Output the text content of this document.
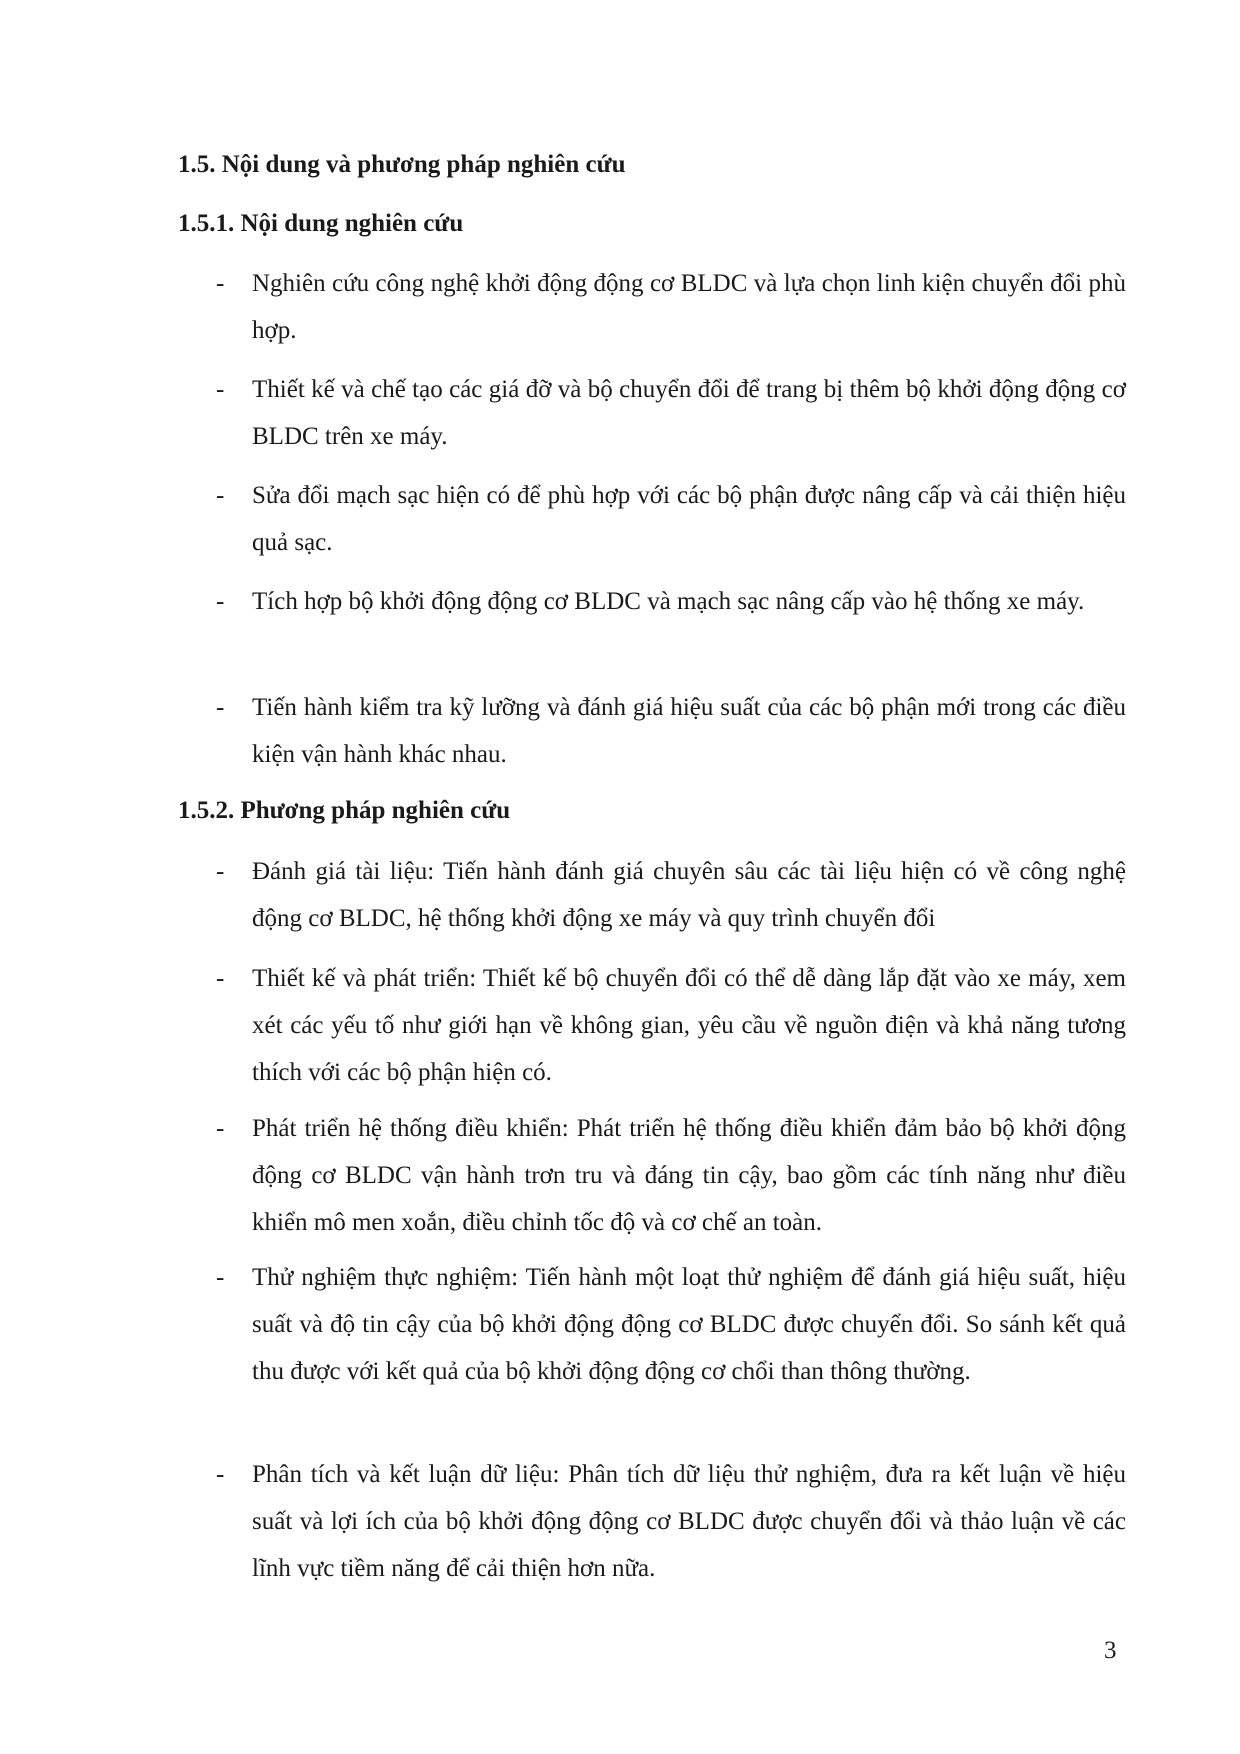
1.5. Nội dung và phương pháp nghiên cứu
1.5.1. Nội dung nghiên cứu
- Nghiên cứu công nghệ khởi động động cơ BLDC và lựa chọn linh kiện chuyển đổi phù hợp.

- Thiết kế và chế tạo các giá đỡ và bộ chuyển đổi để trang bị thêm bộ khởi động động cơ BLDC trên xe máy.

- Sửa đổi mạch sạc hiện có để phù hợp với các bộ phận được nâng cấp và cải thiện hiệu quả sạc.

- Tích hợp bộ khởi động động cơ BLDC và mạch sạc nâng cấp vào hệ thống xe máy.

- Tiến hành kiểm tra kỹ lưỡng và đánh giá hiệu suất của các bộ phận mới trong các điều kiện vận hành khác nhau.

1.5.2. Phương pháp nghiên cứu
- Đánh giá tài liệu: Tiến hành đánh giá chuyên sâu các tài liệu hiện có về công nghệ động cơ BLDC, hệ thống khởi động xe máy và quy trình chuyển đổi

- Thiết kế và phát triển: Thiết kế bộ chuyển đổi có thể dễ dàng lắp đặt vào xe máy, xem xét các yếu tố như giới hạn về không gian, yêu cầu về nguồn điện và khả năng tương thích với các bộ phận hiện có.

- Phát triển hệ thống điều khiển: Phát triển hệ thống điều khiển đảm bảo bộ khởi động động cơ BLDC vận hành trơn tru và đáng tin cậy, bao gồm các tính năng như điều khiển mô men xoắn, điều chỉnh tốc độ và cơ chế an toàn.

- Thử nghiệm thực nghiệm: Tiến hành một loạt thử nghiệm để đánh giá hiệu suất, hiệu suất và độ tin cậy của bộ khởi động động cơ BLDC được chuyển đổi. So sánh kết quả thu được với kết quả của bộ khởi động động cơ chổi than thông thường.

- Phân tích và kết luận dữ liệu: Phân tích dữ liệu thử nghiệm, đưa ra kết luận về hiệu suất và lợi ích của bộ khởi động động cơ BLDC được chuyển đổi và thảo luận về các lĩnh vực tiềm năng để cải thiện hơn nữa.

3
